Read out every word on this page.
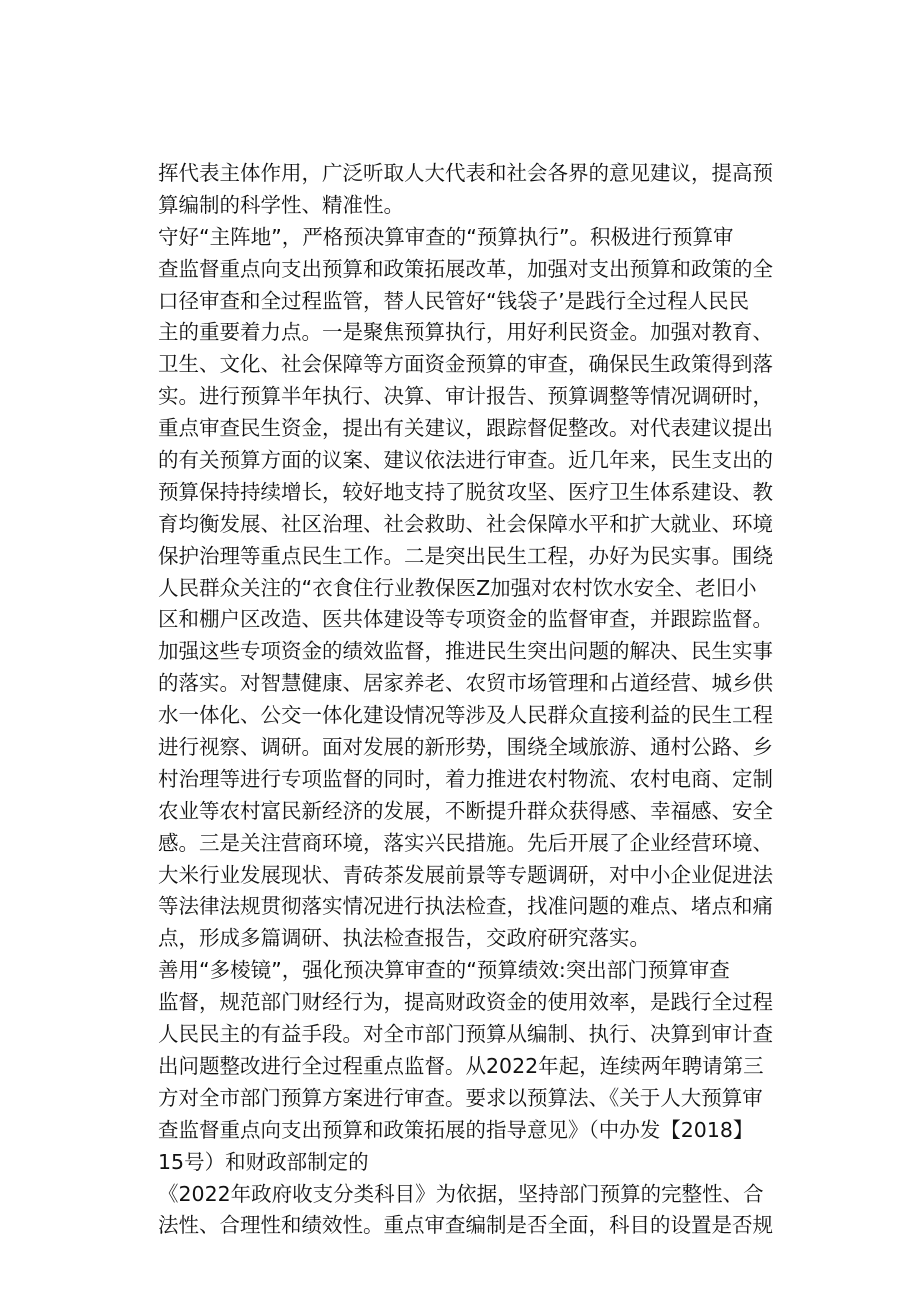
挥代表主体作用，广泛听取人大代表和社会各界的意见建议，提高预
算编制的科学性、精准性。
守好“主阵地”，严格预决算审查的“预算执行”。积极进行预算审
查监督重点向支出预算和政策拓展改革，加强对支出预算和政策的全
口径审查和全过程监管，替人民管好“钱袋子’是践行全过程人民民
主的重要着力点。一是聚焦预算执行，用好利民资金。加强对教育、
卫生、文化、社会保障等方面资金预算的审查，确保民生政策得到落
实。进行预算半年执行、决算、审计报告、预算调整等情况调研时，
重点审查民生资金，提出有关建议，跟踪督促整改。对代表建议提出
的有关预算方面的议案、建议依法进行审查。近几年来，民生支出的
预算保持持续增长，较好地支持了脱贫攻坚、医疗卫生体系建设、教
育均衡发展、社区治理、社会救助、社会保障水平和扩大就业、环境
保护治理等重点民生工作。二是突出民生工程，办好为民实事。围绕
人民群众关注的“衣食住行业教保医Z加强对农村饮水安全、老旧小
区和棚户区改造、医共体建设等专项资金的监督审查，并跟踪监督。
加强这些专项资金的绩效监督，推进民生突出问题的解决、民生实事
的落实。对智慧健康、居家养老、农贸市场管理和占道经营、城乡供
水一体化、公交一体化建设情况等涉及人民群众直接利益的民生工程
进行视察、调研。面对发展的新形势，围绕全域旅游、通村公路、乡
村治理等进行专项监督的同时，着力推进农村物流、农村电商、定制
农业等农村富民新经济的发展，不断提升群众获得感、幸福感、安全
感。三是关注营商环境，落实兴民措施。先后开展了企业经营环境、
大米行业发展现状、青砖茶发展前景等专题调研，对中小企业促进法
等法律法规贯彻落实情况进行执法检查，找准问题的难点、堵点和痛
点，形成多篇调研、执法检查报告，交政府研究落实。
善用“多棱镜”，强化预决算审查的“预算绩效:突出部门预算审查
监督，规范部门财经行为，提高财政资金的使用效率，是践行全过程
人民民主的有益手段。对全市部门预算从编制、执行、决算到审计查
出问题整改进行全过程重点监督。从2022年起，连续两年聘请第三
方对全市部门预算方案进行审查。要求以预算法、《关于人大预算审
查监督重点向支出预算和政策拓展的指导意见》（中办发【2018】
15号）和财政部制定的
《2022年政府收支分类科目》为依据，坚持部门预算的完整性、合
法性、合理性和绩效性。重点审查编制是否全面，科目的设置是否规
